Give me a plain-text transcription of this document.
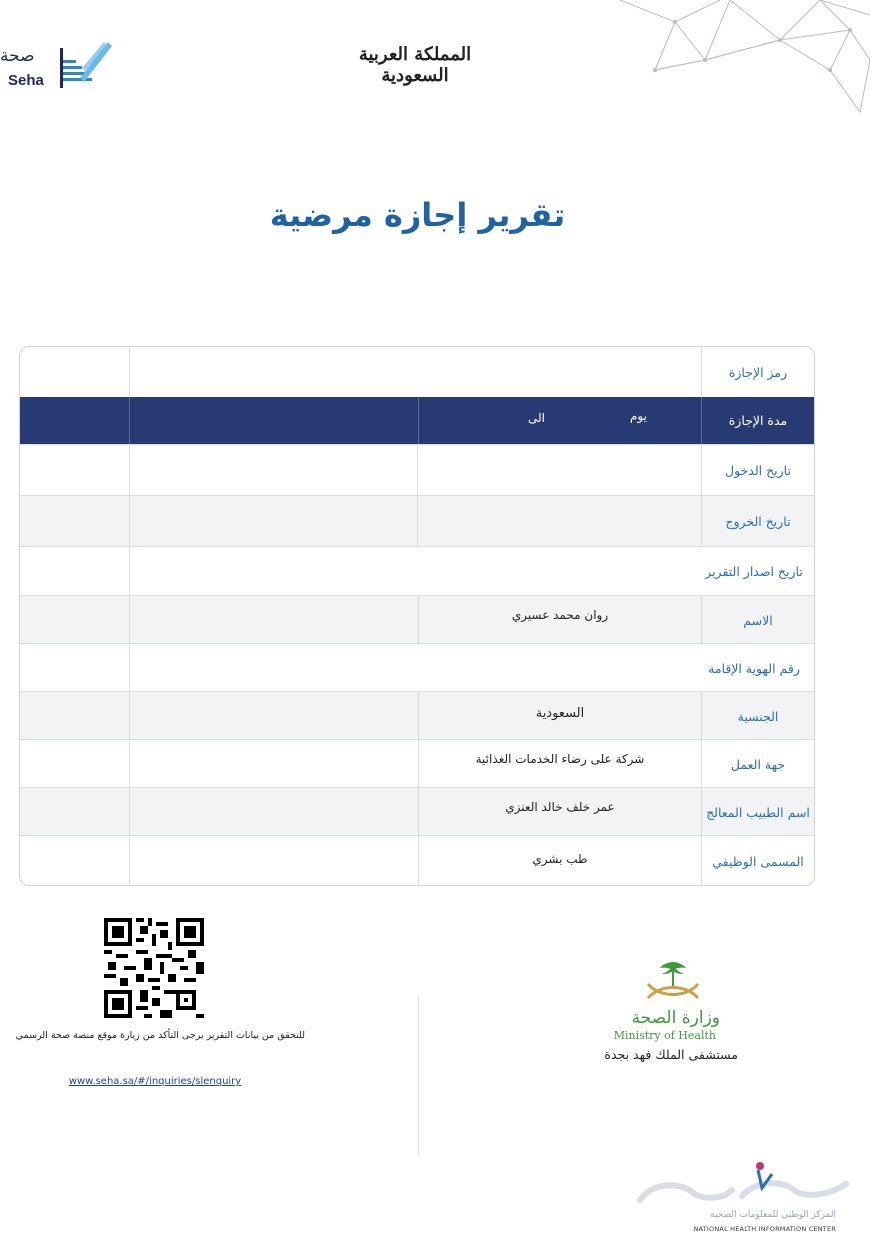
صحة
Seha
المملكة العربية السعودية
تقرير إجازة مرضية
رمز الإجازة
مدة الإجازة
يوم
الى
تاريخ الدخول
تاريخ الخروج
تاريخ اصدار التقرير
الاسم
روان محمد عسيري
رقم الهوية الإقامة
الجنسية
السعودية
جهة العمل
شركة على رضاء الخدمات الغذائية
اسم الطبيب المعالج
عمر خلف خالد العنزي
المسمى الوظيفي
طب بشري
للتحقق من بيانات التقرير يرجى التأكد من زيارة موقع منصة صحة الرسمي
www.seha.sa/#/inquiries/slenquiry
وزارة الصحة
Ministry of Health
مستشفى الملك فهد بجدة
المركز الوطني للمعلومات الصحية
NATIONAL HEALTH INFORMATION CENTER
